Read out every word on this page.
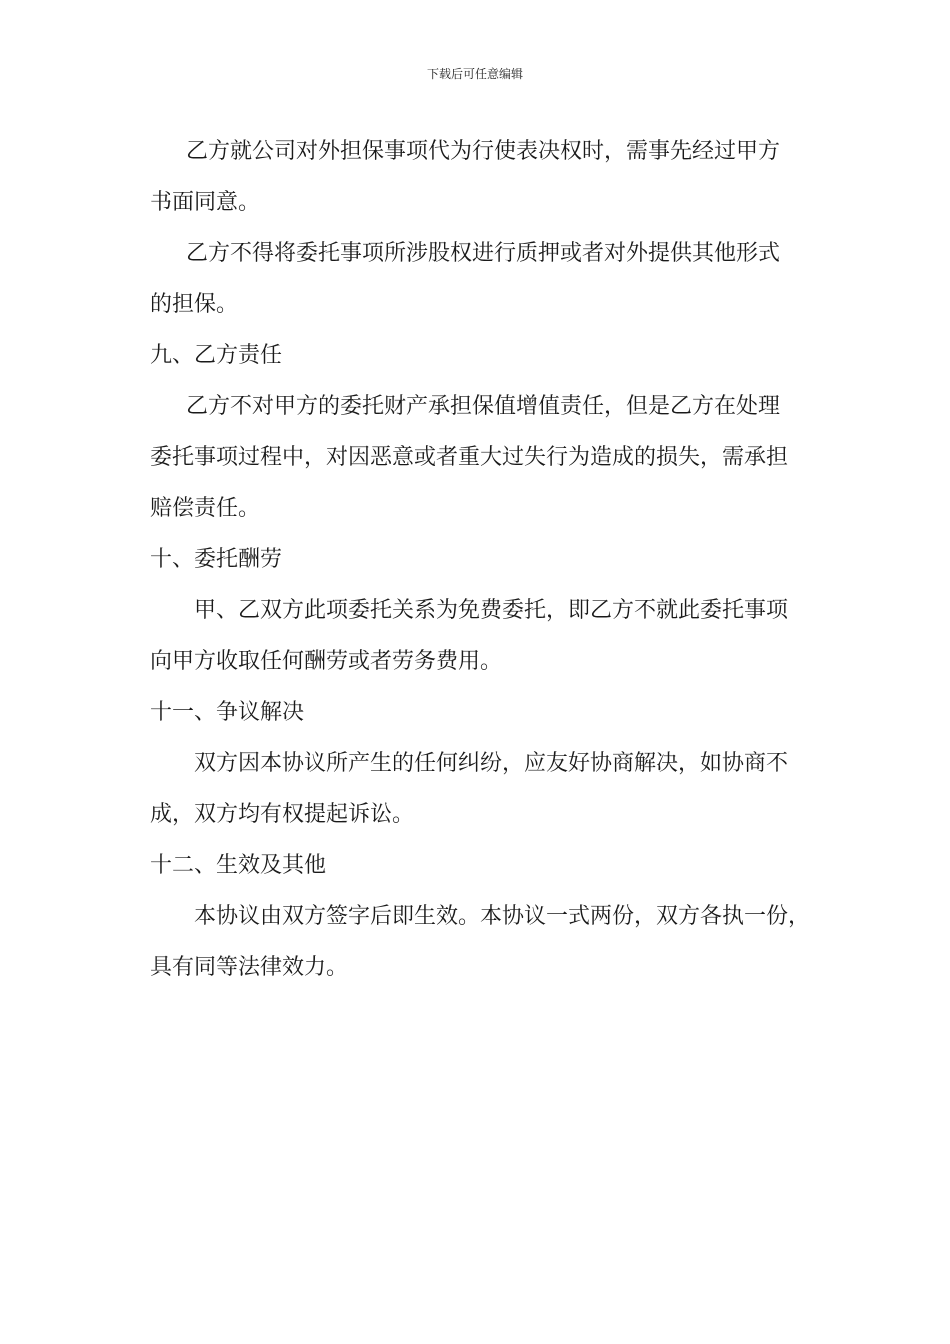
下载后可任意编辑
乙方就公司对外担保事项代为行使表决权时，需事先经过甲方
书面同意。
乙方不得将委托事项所涉股权进行质押或者对外提供其他形式
的担保。
九、乙方责任
乙方不对甲方的委托财产承担保值增值责任，但是乙方在处理
委托事项过程中，对因恶意或者重大过失行为造成的损失，需承担
赔偿责任。
十、委托酬劳
甲、乙双方此项委托关系为免费委托，即乙方不就此委托事项
向甲方收取任何酬劳或者劳务费用。
十一、争议解决
双方因本协议所产生的任何纠纷，应友好协商解决，如协商不
成，双方均有权提起诉讼。
十二、生效及其他
本协议由双方签字后即生效。本协议一式两份，双方各执一份，
具有同等法律效力。
